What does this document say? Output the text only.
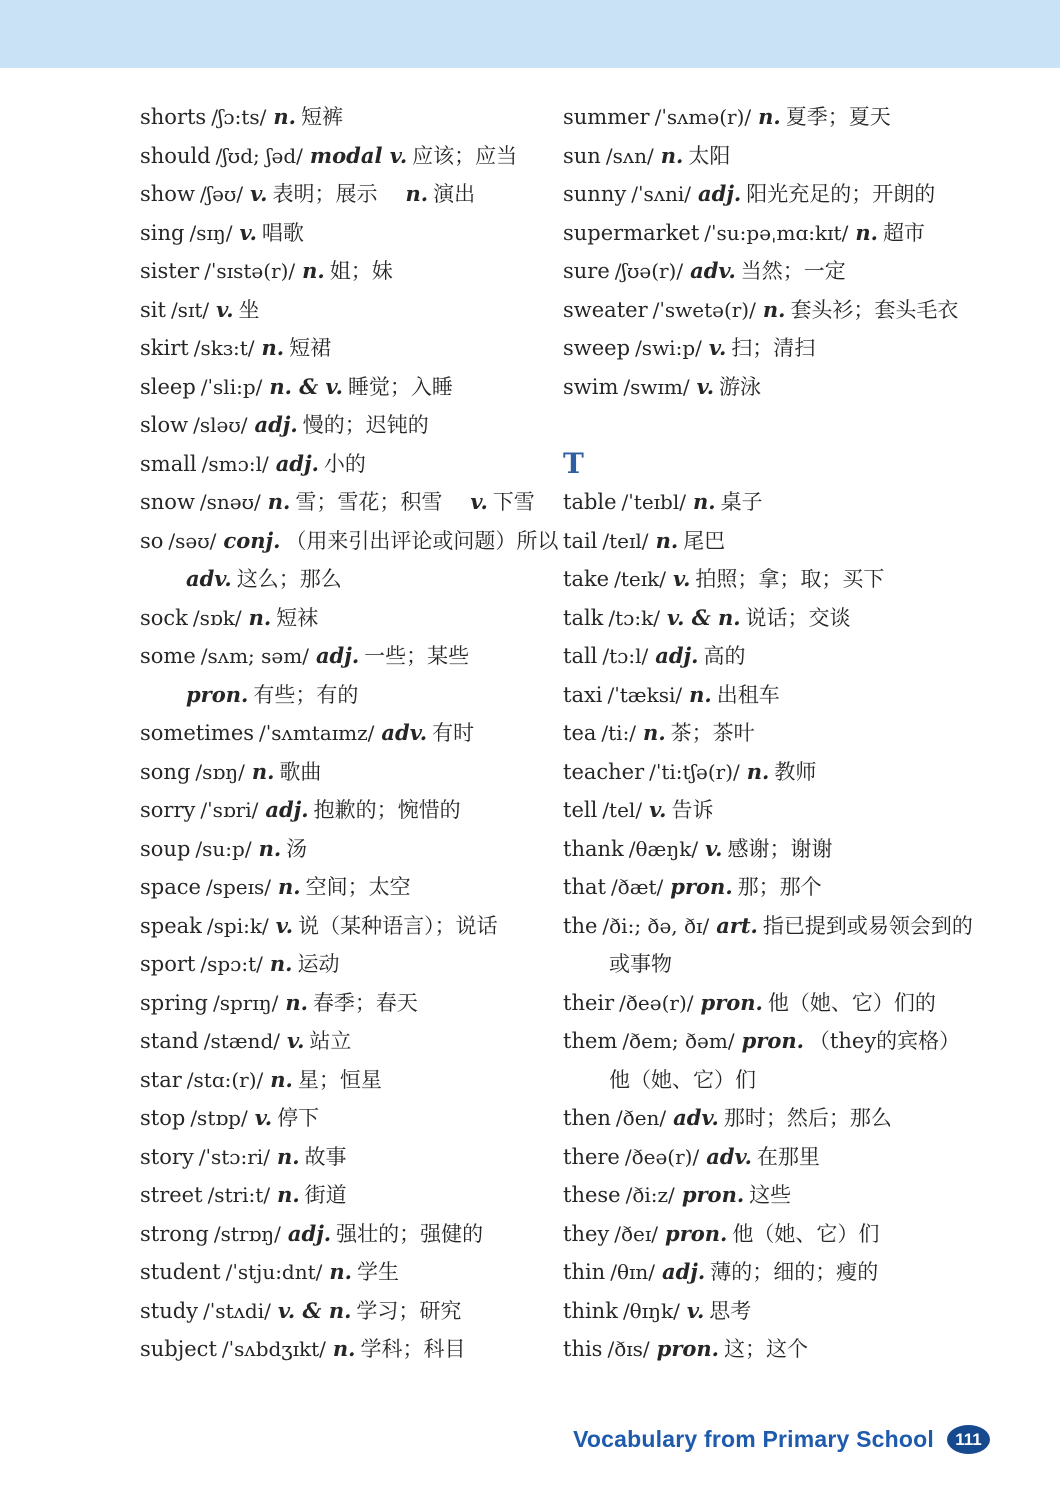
shorts /ʃɔ:ts/ n. 短裤
should /ʃʊd; ʃəd/ modal v. 应该；应当
show /ʃəʊ/ v. 表明；展示 n. 演出
sing /sɪŋ/ v. 唱歌
sister /ˈsɪstə(r)/ n. 姐；妹
sit /sɪt/ v. 坐
skirt /skɜ:t/ n. 短裙
sleep /ˈsli:p/ n. & v. 睡觉；入睡
slow /sləʊ/ adj. 慢的；迟钝的
small /smɔ:l/ adj. 小的
snow /snəʊ/ n. 雪；雪花；积雪 v. 下雪
so /səʊ/ conj. （用来引出评论或问题）所以
adv. 这么；那么
sock /sɒk/ n. 短袜
some /sʌm; səm/ adj. 一些；某些
pron. 有些；有的
sometimes /ˈsʌmtaɪmz/ adv. 有时
song /sɒŋ/ n. 歌曲
sorry /ˈsɒri/ adj. 抱歉的；惋惜的
soup /su:p/ n. 汤
space /speɪs/ n. 空间；太空
speak /spi:k/ v. 说（某种语言）；说话
sport /spɔ:t/ n. 运动
spring /sprɪŋ/ n. 春季；春天
stand /stænd/ v. 站立
star /stɑ:(r)/ n. 星；恒星
stop /stɒp/ v. 停下
story /ˈstɔ:ri/ n. 故事
street /stri:t/ n. 街道
strong /strɒŋ/ adj. 强壮的；强健的
student /ˈstju:dnt/ n. 学生
study /ˈstʌdi/ v. & n. 学习；研究
subject /ˈsʌbdʒɪkt/ n. 学科；科目
summer /ˈsʌmə(r)/ n. 夏季；夏天
sun /sʌn/ n. 太阳
sunny /ˈsʌni/ adj. 阳光充足的；开朗的
supermarket /ˈsu:pəˌmɑ:kɪt/ n. 超市
sure /ʃʊə(r)/ adv. 当然；一定
sweater /ˈswetə(r)/ n. 套头衫；套头毛衣
sweep /swi:p/ v. 扫；清扫
swim /swɪm/ v. 游泳
T
table /ˈteɪbl/ n. 桌子
tail /teɪl/ n. 尾巴
take /teɪk/ v. 拍照；拿；取；买下
talk /tɔ:k/ v. & n. 说话；交谈
tall /tɔ:l/ adj. 高的
taxi /ˈtæksi/ n. 出租车
tea /ti:/ n. 茶；茶叶
teacher /ˈti:tʃə(r)/ n. 教师
tell /tel/ v. 告诉
thank /θæŋk/ v. 感谢；谢谢
that /ðæt/ pron. 那；那个
the /ði:; ðə, ðɪ/ art. 指已提到或易领会到的
或事物
their /ðeə(r)/ pron. 他（她、它）们的
them /ðem; ðəm/ pron. （they的宾格）
他（她、它）们
then /ðen/ adv. 那时；然后；那么
there /ðeə(r)/ adv. 在那里
these /ði:z/ pron. 这些
they /ðeɪ/ pron. 他（她、它）们
thin /θɪn/ adj. 薄的；细的；瘦的
think /θɪŋk/ v. 思考
this /ðɪs/ pron. 这；这个
Vocabulary from Primary School	111
